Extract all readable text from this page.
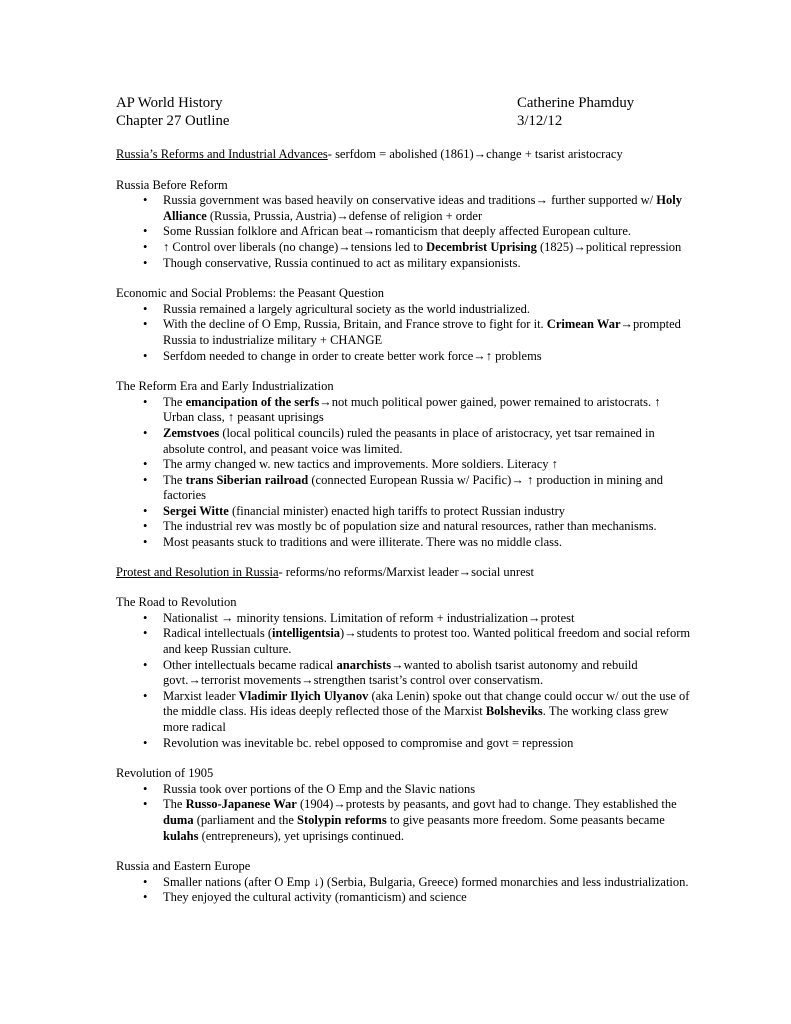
AP World History	Catherine Phamduy
Chapter 27 Outline	3/12/12
Russia’s Reforms and Industrial Advances- serfdom = abolished (1861)→change + tsarist aristocracy
Russia Before Reform
• Russia government was based heavily on conservative ideas and traditions→ further supported w/ Holy Alliance (Russia, Prussia, Austria)→defense of religion + order
• Some Russian folklore and African beat→romanticism that deeply affected European culture.
• ↑ Control over liberals (no change)→tensions led to Decembrist Uprising (1825)→political repression
• Though conservative, Russia continued to act as military expansionists.
Economic and Social Problems: the Peasant Question
• Russia remained a largely agricultural society as the world industrialized.
• With the decline of O Emp, Russia, Britain, and France strove to fight for it. Crimean War→prompted Russia to industrialize military + CHANGE
• Serfdom needed to change in order to create better work force→↑ problems
The Reform Era and Early Industrialization
• The emancipation of the serfs→not much political power gained, power remained to aristocrats. ↑ Urban class, ↑ peasant uprisings
• Zemstvoes (local political councils) ruled the peasants in place of aristocracy, yet tsar remained in absolute control, and peasant voice was limited.
• The army changed w. new tactics and improvements. More soldiers. Literacy ↑
• The trans Siberian railroad (connected European Russia w/ Pacific)→ ↑ production in mining and factories
• Sergei Witte (financial minister) enacted high tariffs to protect Russian industry
• The industrial rev was mostly bc of population size and natural resources, rather than mechanisms.
• Most peasants stuck to traditions and were illiterate. There was no middle class.
Protest and Resolution in Russia- reforms/no reforms/Marxist leader→social unrest
The Road to Revolution
• Nationalist → minority tensions. Limitation of reform + industrialization→protest
• Radical intellectuals (intelligentsia)→students to protest too. Wanted political freedom and social reform and keep Russian culture.
• Other intellectuals became radical anarchists→wanted to abolish tsarist autonomy and rebuild govt.→terrorist movements→strengthen tsarist’s control over conservatism.
• Marxist leader Vladimir Ilyich Ulyanov (aka Lenin) spoke out that change could occur w/ out the use of the middle class. His ideas deeply reflected those of the Marxist Bolsheviks. The working class grew more radical
• Revolution was inevitable bc. rebel opposed to compromise and govt = repression
Revolution of 1905
• Russia took over portions of the O Emp and the Slavic nations
• The Russo-Japanese War (1904)→protests by peasants, and govt had to change. They established the duma (parliament and the Stolypin reforms to give peasants more freedom. Some peasants became kulahs (entrepreneurs), yet uprisings continued.
Russia and Eastern Europe
• Smaller nations (after O Emp ↓) (Serbia, Bulgaria, Greece) formed monarchies and less industrialization.
• They enjoyed the cultural activity (romanticism) and science
